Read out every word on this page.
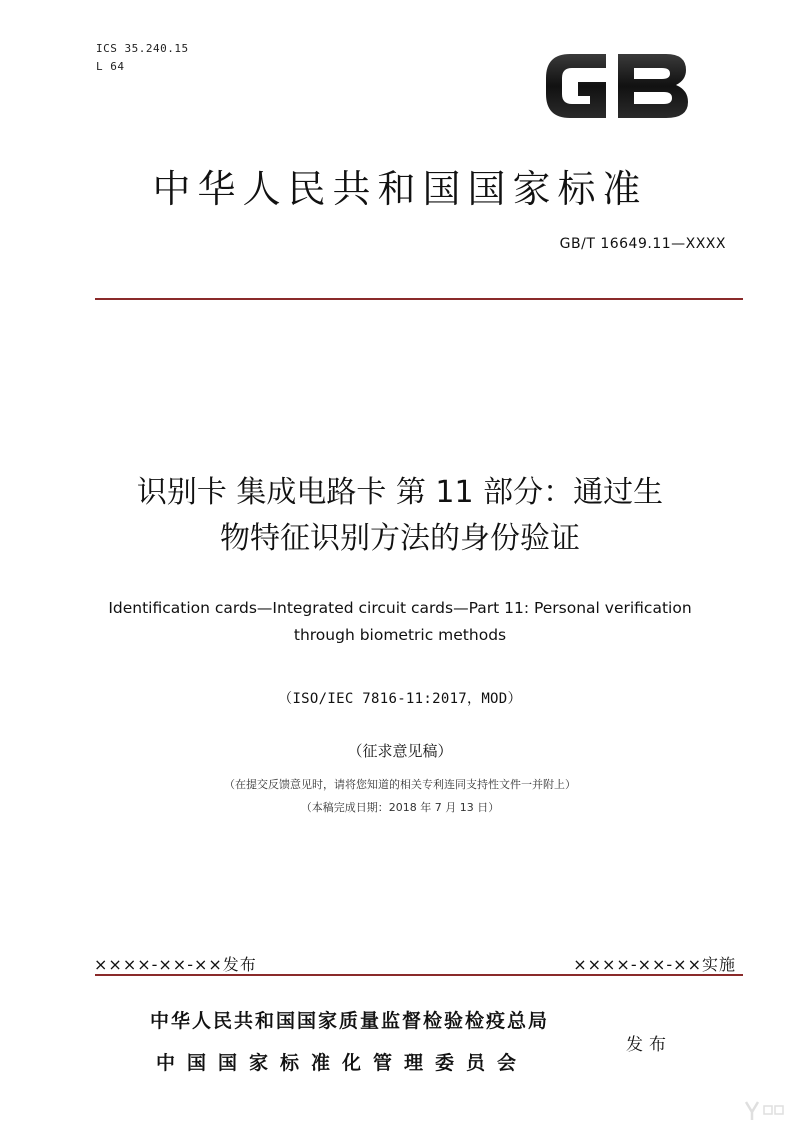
ICS 35.240.15
L 64
中华人民共和国国家标准
GB/T 16649.11—XXXX
识别卡 集成电路卡 第 11 部分：通过生
物特征识别方法的身份验证
Identification cards—Integrated circuit cards—Part 11: Personal verification
through biometric methods
（ISO/IEC 7816-11:2017，MOD）
（征求意见稿）
（在提交反馈意见时，请将您知道的相关专利连同支持性文件一并附上）
（本稿完成日期：2018 年 7 月 13 日）
××××-××-××发布	××××-××-××实施
中华人民共和国国家质量监督检验检疫总局
中国国家标准化管理委员会
发布
